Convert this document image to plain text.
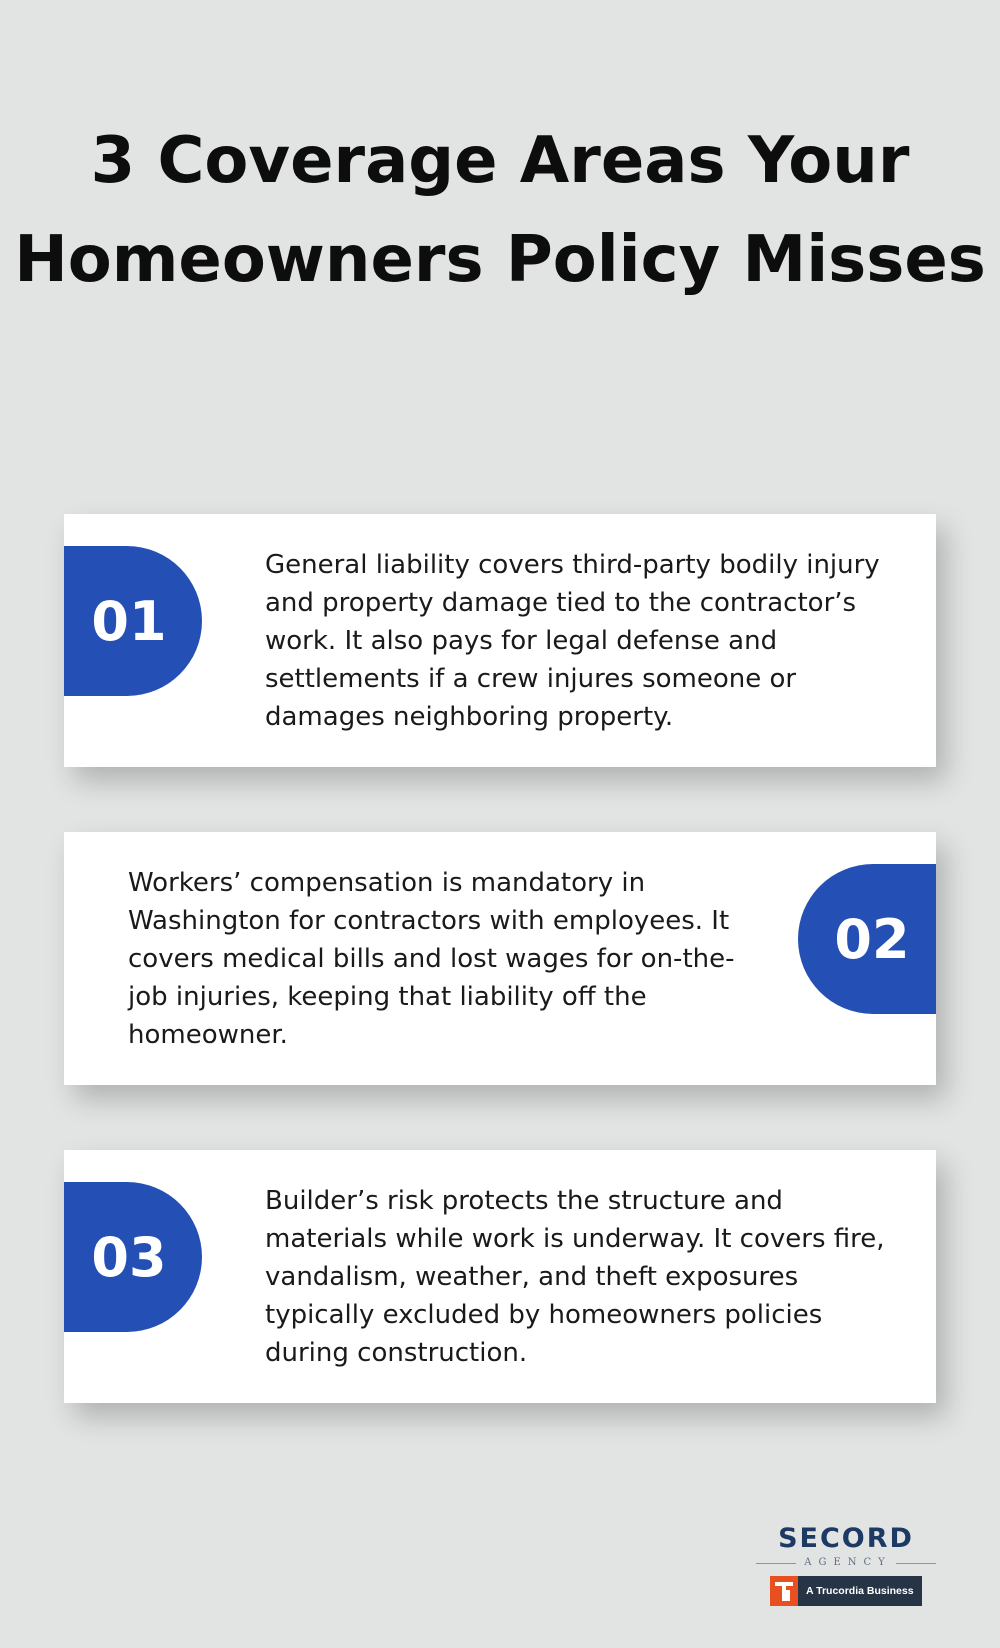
3 Coverage Areas Your Homeowners Policy Misses
01

General liability covers third-party bodily injury and property damage tied to the contractor’s work. It also pays for legal defense and settlements if a crew injures someone or damages neighboring property.

Workers’ compensation is mandatory in Washington for contractors with employees. It covers medical bills and lost wages for on-the-job injuries, keeping that liability off the homeowner.

02
03

Builder’s risk protects the structure and materials while work is underway. It covers fire, vandalism, weather, and theft exposures typically excluded by homeowners policies during construction.

SECORD
AGENCY
A Trucordia Business
